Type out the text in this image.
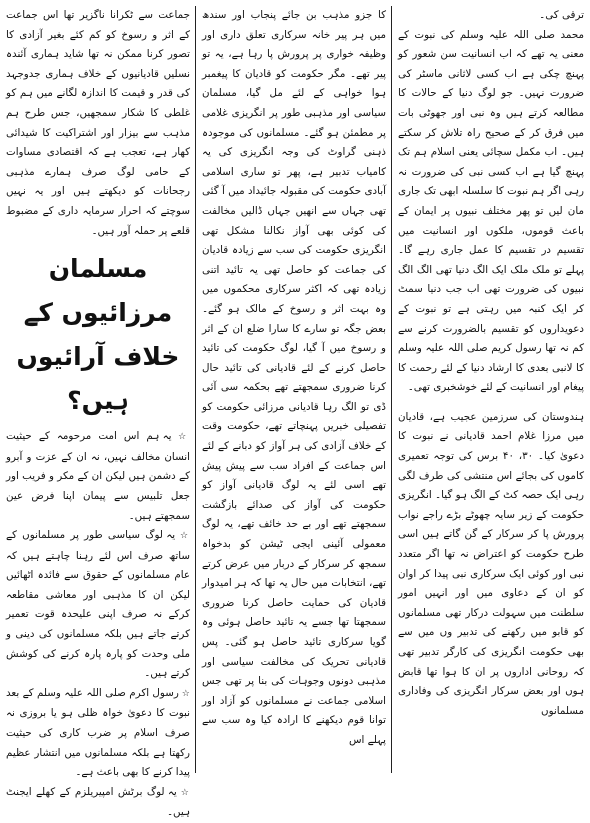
ترقی کی۔

محمد صلی اللہ علیہ وسلم کی نبوت کے معنی یہ تھے کہ اب انسانیت سن شعور کو پہنچ چکی ہے اب کسی لاثانی ماسٹر کی ضرورت نہیں۔ جو لوگ دنیا کے حالات کا مطالعہ کرتے ہیں وہ نبی اور جھوٹی بات میں فرق کر کے صحیح راہ تلاش کر سکتے ہیں۔ اب مکمل سچائی یعنی اسلام ہم تک پہنچ گیا ہے اب کسی نبی کی ضرورت نہ رہی اگر ہم نبوت کا سلسلہ ابھی تک جاری مان لیں تو پھر مختلف نبیوں پر ایمان کے باعث قوموں، ملکوں اور انسانیت میں تقسیم در تقسیم کا عمل جاری رہے گا۔ پہلے تو ملک ملک ایک الگ دنیا تھی الگ الگ نبیوں کی ضرورت تھی اب جب دنیا سمٹ کر ایک کنبہ میں رہتی ہے تو نبوت کے دعویداروں کو تقسیم بالضرورت کرنے سے کم نہ تھا رسول کریم صلی اللہ علیہ وسلم کا لانبی بعدی کا ارشاد دنیا کے لئے رحمت کا پیغام اور انسانیت کے لئے خوشخبری تھی۔

ہندوستان کی سرزمین عجیب ہے، قادیان میں مرزا غلام احمد قادیانی نے نبوت کا دعویٰ کیا۔ ۳۰، ۴۰ برس کی توجہ تعمیری کاموں کی بجائے اس منتشی کی طرف لگی رہی ایک حصہ کٹ کے الگ ہو گیا۔ انگریزی حکومت کے زیر سایہ چھوٹے بڑے راجے نواب پرورش پا کر سرکار کے گن گاتے ہیں اسی طرح حکومت کو اعتراض نہ تھا اگر متعدد نبی اور کوئی ایک سرکاری نبی پیدا کر اوان کو ان کے دعاوی میں اور انہیں امور سلطنت میں سہولت درکار تھی مسلمانوں کو قابو میں رکھنے کی تدبیر وں میں سے بھی حکومت انگریزی کی کارگر تدبیر تھی کہ روحانی اداروں پر ان کا ہوا تھا قابض ہوں اور بعض سرکار انگریزی کی وفاداری مسلمانوں

کا جزو مذہب بن جائے پنجاب اور سندھ میں ہر پیر خانہ سرکاری تعلق داری اور وظیفہ خواری پر پرورش پا رہا ہے، یہ تو پیر تھے۔ مگر حکومت کو قادیان کا پیغمبر ہوا خواہی کے لئے مل گیا، مسلمان سیاسی اور مذہبی طور پر انگریزی غلامی پر مطمئن ہو گئے۔ مسلمانوں کی موجودہ ذہنی گراوٹ کی وجہ انگریزی کی یہ کامیاب تدبیر ہے، پھر تو ساری اسلامی آبادی حکومت کی مقبولہ جائیداد میں آ گئی تھی جہاں سے انھیں جہاں ڈالیں مخالفت کی کوئی بھی آواز نکالنا مشکل تھی انگریزی حکومت کی سب سے زیادہ قادیان کی جماعت کو حاصل تھی یہ تائید اتنی زیادہ تھی کہ اکثر سرکاری محکموں میں وہ بہت اثر و رسوخ کے مالک ہو گئے۔ بعض جگہ تو سارے کا سارا ضلع ان کے اثر و رسوخ میں آ گیا، لوگ حکومت کی تائید حاصل کرنے کے لئے قادیانی کی تائید حال کرنا ضروری سمجھتے تھے بحکمہ سی آئی ڈی تو الگ رہا قادیانی مرزائی حکومت کو تفصیلی خبریں پہنچاتے تھے، حکومت وقت کے خلاف آزادی کی ہر آواز کو دبانے کے لئے اس جماعت کے افراد سب سے پیش پیش تھے اسی لئے یہ لوگ قادیانی آواز کو حکومت کی آواز کی صدائے بازگشت سمجھتے تھے اور بے حد خائف تھے، یہ لوگ معمولی آئینی ایجی ٹیشن کو بدخواہ سمجھ کر سرکار کے دربار میں عرض کرتے تھے، انتخابات میں حال یہ تھا کہ ہر امیدوار قادیان کی حمایت حاصل کرنا ضروری سمجھتا تھا جسے یہ تائید حاصل ہوئی وہ گویا سرکاری تائید حاصل ہو گئی۔ پس قادیانی تحریک کی مخالفت سیاسی اور مذہبی دونوں وجوہات کی بنا پر تھی جس اسلامی جماعت نے مسلمانوں کو آزاد اور توانا قوم دیکھنے کا ارادہ کیا وہ سب سے پہلے اس

جماعت سے ٹکرانا ناگزیر تھا اس جماعت کے اثر و رسوخ کو کم کئے بغیر آزادی کا تصور کرنا ممکن نہ تھا شاید ہماری آئندہ نسلیں قادیانیوں کے خلاف ہماری جدوجہد کی قدر و قیمت کا اندازہ لگانے میں ہم کو غلطی کا شکار سمجھیں، جس طرح ہم مذہب سے بیزار اور اشتراکیت کا شیدائی کھار ہے، تعجب ہے کہ اقتصادی مساوات کے حامی لوگ صرف ہمارے مذہبی رجحانات کو دیکھتے ہیں اور یہ نہیں سوچتے کہ احرار سرمایہ داری کے مضبوط قلعے پر حملہ آور ہیں۔

مسلمان مرزائیوں کے
خلاف آرائیوں ہیں؟

☆ یہ ہم اس امت مرحومہ کے حیثیت انسان مخالف نہیں، نہ ان کے عزت و آبرو کے دشمن ہیں لیکن ان کے مکر و فریب اور جعل تلبیس سے پیمان اپنا فرض عین سمجھتے ہیں۔

☆ یہ لوگ سیاسی طور پر مسلمانوں کے ساتھ صرف اس لئے رہنا چاہتے ہیں کہ عام مسلمانوں کے حقوق سے فائدہ اٹھائیں لیکن ان کا مذہبی اور معاشی مقاطعہ کرکے نہ صرف اپنی علیحدہ قوت تعمیر کرتے جاتے ہیں بلکہ مسلمانوں کی دینی و ملی وحدت کو پارہ پارہ کرنے کی کوشش کرتے ہیں۔

☆ رسول اکرم صلی اللہ علیہ وسلم کے بعد نبوت کا دعویٰ خواہ ظلی ہو یا بروزی نہ صرف اسلام پر ضرب کاری کی حیثیت رکھتا ہے بلکہ مسلمانوں میں انتشار عظیم پیدا کرنے کا بھی باعث ہے۔

☆ یہ لوگ برٹش امپیریلزم کے کھلے ایجنٹ ہیں۔
